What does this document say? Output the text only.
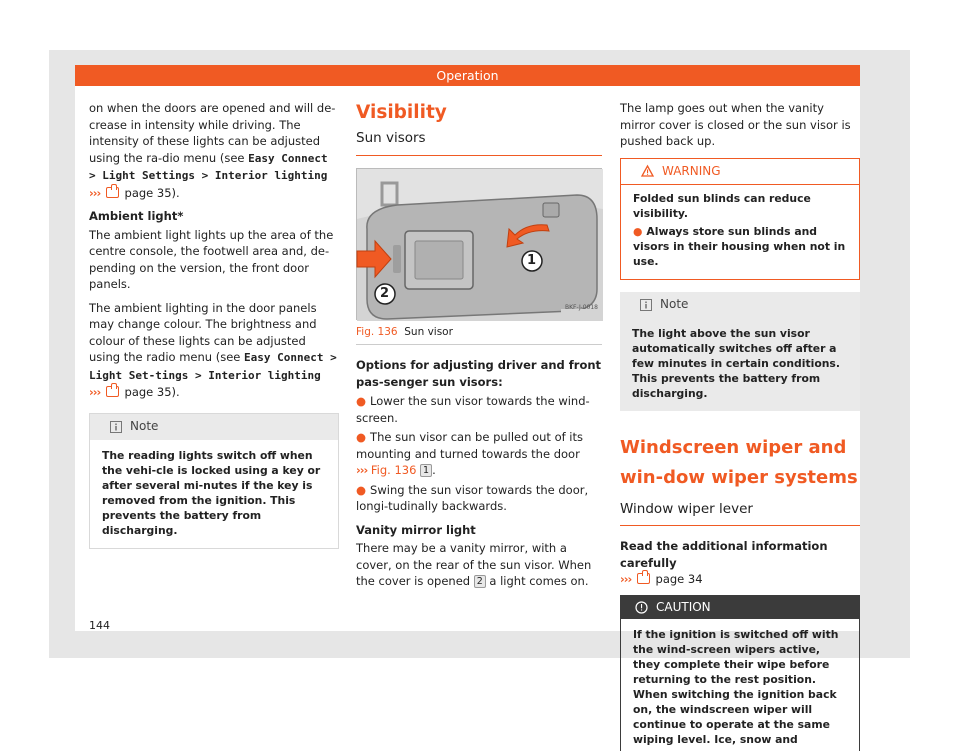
Operation

on when the doors are opened and will de-crease in intensity while driving. The intensity of these lights can be adjusted using the ra-dio menu (see Easy Connect > Light Settings > Interior lighting
››› page 35).

Ambient light*

The ambient light lights up the area of the centre console, the footwell area and, de-pending on the version, the front door panels.

The ambient lighting in the door panels may change colour. The brightness and colour of these lights can be adjusted using the radio menu (see Easy Connect > Light Set-tings > Interior lighting
››› page 35).

Note
The reading lights switch off when the vehi-cle is locked using a key or after several mi-nutes if the key is removed from the ignition. This prevents the battery from discharging.
Visibility
Sun visors
1
2
BKF-J-0018
Fig. 136 Sun visor

Options for adjusting driver and front pas-senger sun visors:

● Lower the sun visor towards the wind-screen.

● The sun visor can be pulled out of its mounting and turned towards the door
››› Fig. 136 1 .

● Swing the sun visor towards the door, longi-tudinally backwards.

Vanity mirror light

There may be a vanity mirror, with a cover, on the rear of the sun visor. When the cover is opened 2 a light comes on.

The lamp goes out when the vanity mirror cover is closed or the sun visor is pushed back up.

WARNING
Folded sun blinds can reduce visibility.
● Always store sun blinds and visors in their housing when not in use.
Note
The light above the sun visor automatically switches off after a few minutes in certain conditions. This prevents the battery from discharging.
Windscreen wiper and win-dow wiper systems
Window wiper lever

Read the additional information carefully

››› page 34

CAUTION
If the ignition is switched off with the wind-screen wipers active, they complete their wipe before returning to the rest position. When switching the ignition back on, the windscreen wiper will continue to operate at the same wiping level. Ice, snow and
144
